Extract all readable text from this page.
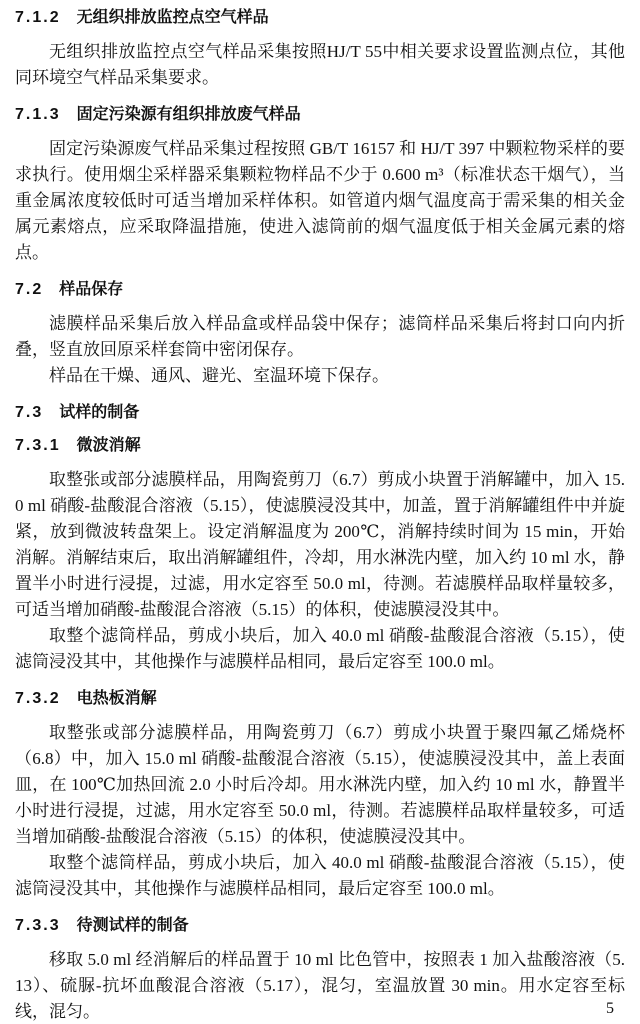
7.1.2 无组织排放监控点空气样品

无组织排放监控点空气样品采集按照HJ/T 55中相关要求设置监测点位，其他同环境空气样品采集要求。

7.1.3 固定污染源有组织排放废气样品

固定污染源废气样品采集过程按照 GB/T 16157 和 HJ/T 397 中颗粒物采样的要求执行。使用烟尘采样器采集颗粒物样品不少于 0.600 m³（标准状态干烟气），当重金属浓度较低时可适当增加采样体积。如管道内烟气温度高于需采集的相关金属元素熔点，应采取降温措施，使进入滤筒前的烟气温度低于相关金属元素的熔点。

7.2 样品保存

滤膜样品采集后放入样品盒或样品袋中保存；滤筒样品采集后将封口向内折叠，竖直放回原采样套筒中密闭保存。

样品在干燥、通风、避光、室温环境下保存。

7.3 试样的制备
7.3.1 微波消解

取整张或部分滤膜样品，用陶瓷剪刀（6.7）剪成小块置于消解罐中，加入 15.0 ml 硝酸-盐酸混合溶液（5.15），使滤膜浸没其中，加盖，置于消解罐组件中并旋紧，放到微波转盘架上。设定消解温度为 200℃，消解持续时间为 15 min，开始消解。消解结束后，取出消解罐组件，冷却，用水淋洗内壁，加入约 10 ml 水，静置半小时进行浸提，过滤，用水定容至 50.0 ml，待测。若滤膜样品取样量较多，可适当增加硝酸-盐酸混合溶液（5.15）的体积，使滤膜浸没其中。

取整个滤筒样品，剪成小块后，加入 40.0 ml 硝酸-盐酸混合溶液（5.15），使滤筒浸没其中，其他操作与滤膜样品相同，最后定容至 100.0 ml。

7.3.2 电热板消解

取整张或部分滤膜样品，用陶瓷剪刀（6.7）剪成小块置于聚四氟乙烯烧杯（6.8）中，加入 15.0 ml 硝酸-盐酸混合溶液（5.15），使滤膜浸没其中，盖上表面皿，在 100℃加热回流 2.0 小时后冷却。用水淋洗内壁，加入约 10 ml 水，静置半小时进行浸提，过滤，用水定容至 50.0 ml，待测。若滤膜样品取样量较多，可适当增加硝酸-盐酸混合溶液（5.15）的体积，使滤膜浸没其中。

取整个滤筒样品，剪成小块后，加入 40.0 ml 硝酸-盐酸混合溶液（5.15），使滤筒浸没其中，其他操作与滤膜样品相同，最后定容至 100.0 ml。

7.3.3 待测试样的制备

移取 5.0 ml 经消解后的样品置于 10 ml 比色管中，按照表 1 加入盐酸溶液（5.13）、硫脲-抗坏血酸混合溶液（5.17），混匀，室温放置 30 min。用水定容至标线，混匀。	5
